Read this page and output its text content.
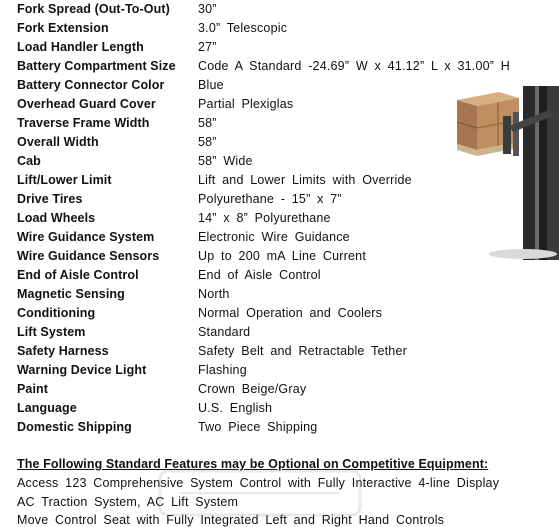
Fork Spread (Out-To-Out) 30”
Fork Extension	3.0” Telescopic
Load Handler Length	27”
Battery Compartment Size Code A Standard -24.69” W x 41.12” L x 31.00” H
Battery Connector Color	Blue
Overhead Guard Cover	Partial Plexiglas
Traverse Frame Width	58”
Overall Width	58”
Cab	58” Wide
Lift/Lower Limit	Lift and Lower Limits with Override
Drive Tires	Polyurethane - 15” x 7”
Load Wheels	14” x 8” Polyurethane
Wire Guidance System	Electronic Wire Guidance
Wire Guidance Sensors	Up to 200 mA Line Current
End of Aisle Control	End of Aisle Control
Magnetic Sensing	North
Conditioning	Normal Operation and Coolers
Lift System	Standard
Safety Harness	Safety Belt and Retractable Tether
Warning Device Light	Flashing
Paint	Crown Beige/Gray
Language	U.S. English
Domestic Shipping	Two Piece Shipping
The Following Standard Features may be Optional on Competitive Equipment:
Access 123 Comprehensive System Control with Fully Interactive 4-line Display
AC Traction System, AC Lift System
Move Control Seat with Fully Integrated Left and Right Hand Controls
